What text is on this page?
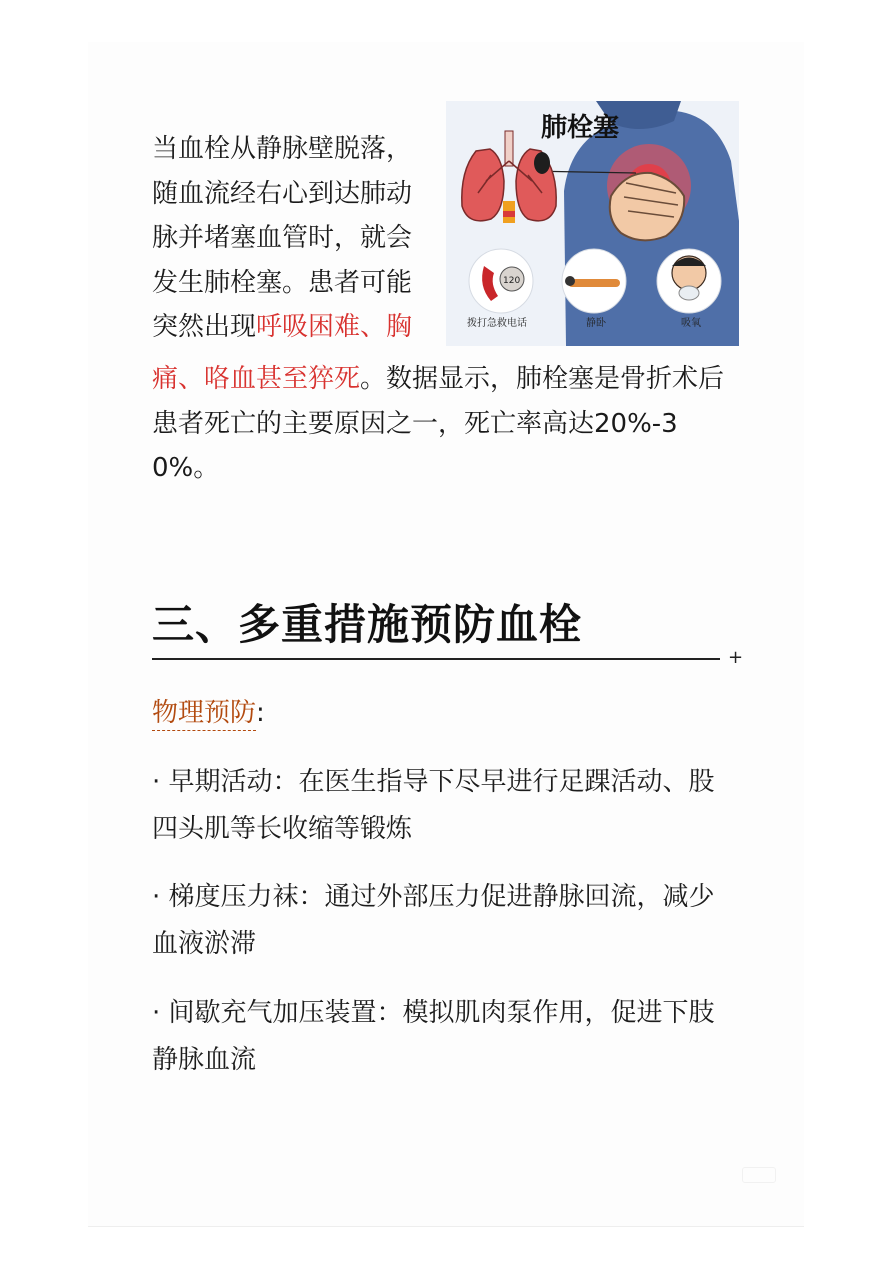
肺栓塞
120
拨打急救电话	静卧	吸氧
当血栓从静脉壁脱落，
随血流经右心到达肺动
脉并堵塞血管时，就会
发生肺栓塞。患者可能
突然出现呼吸困难、胸
痛、咯血甚至猝死。数据显示，肺栓塞是骨折术后
患者死亡的主要原因之一，死亡率高达20%-3
0%。
三、多重措施预防血栓
+
物理预防:
· 早期活动：在医生指导下尽早进行足踝活动、股
四头肌等长收缩等锻炼
· 梯度压力袜：通过外部压力促进静脉回流，减少
血液淤滞
· 间歇充气加压装置：模拟肌肉泵作用，促进下肢
静脉血流
